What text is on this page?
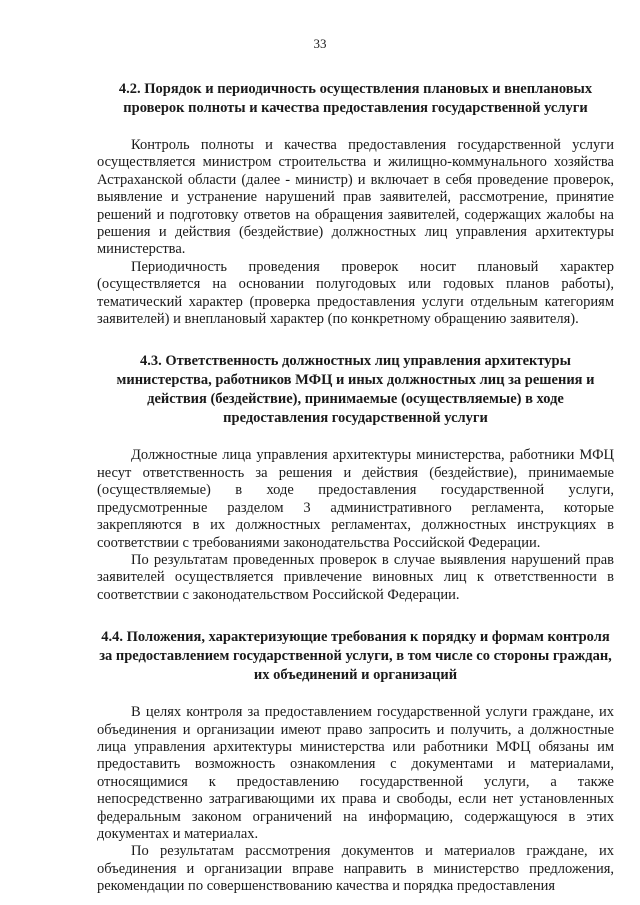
33
4.2. Порядок и периодичность осуществления плановых и внеплановых проверок полноты и качества предоставления государственной услуги

Контроль полноты и качества предоставления государственной услуги осуществляется министром строительства и жилищно-коммунального хозяйства Астраханской области (далее - министр) и включает в себя проведение проверок, выявление и устранение нарушений прав заявителей, рассмотрение, принятие решений и подготовку ответов на обращения заявителей, содержащих жалобы на решения и действия (бездействие) должностных лиц управления архитектуры министерства.

Периодичность проведения проверок носит плановый характер (осуществляется на основании полугодовых или годовых планов работы), тематический характер (проверка предоставления услуги отдельным категориям заявителей) и внеплановый характер (по конкретному обращению заявителя).

4.3. Ответственность должностных лиц управления архитектуры министерства, работников МФЦ и иных должностных лиц за решения и действия (бездействие), принимаемые (осуществляемые) в ходе предоставления государственной услуги

Должностные лица управления архитектуры министерства, работники МФЦ несут ответственность за решения и действия (бездействие), принимаемые (осуществляемые) в ходе предоставления государственной услуги, предусмотренные разделом 3 административного регламента, которые закрепляются в их должностных регламентах, должностных инструкциях в соответствии с требованиями законодательства Российской Федерации.

По результатам проведенных проверок в случае выявления нарушений прав заявителей осуществляется привлечение виновных лиц к ответственности в соответствии с законодательством Российской Федерации.

4.4. Положения, характеризующие требования к порядку и формам контроля за предоставлением государственной услуги, в том числе со стороны граждан, их объединений и организаций

В целях контроля за предоставлением государственной услуги граждане, их объединения и организации имеют право запросить и получить, а должностные лица управления архитектуры министерства или работники МФЦ обязаны им предоставить возможность ознакомления с документами и материалами, относящимися к предоставлению государственной услуги, а также непосредственно затрагивающими их права и свободы, если нет установленных федеральным законом ограничений на информацию, содержащуюся в этих документах и материалах.

По результатам рассмотрения документов и материалов граждане, их объединения и организации вправе направить в министерство предложения, рекомендации по совершенствованию качества и порядка предоставления
